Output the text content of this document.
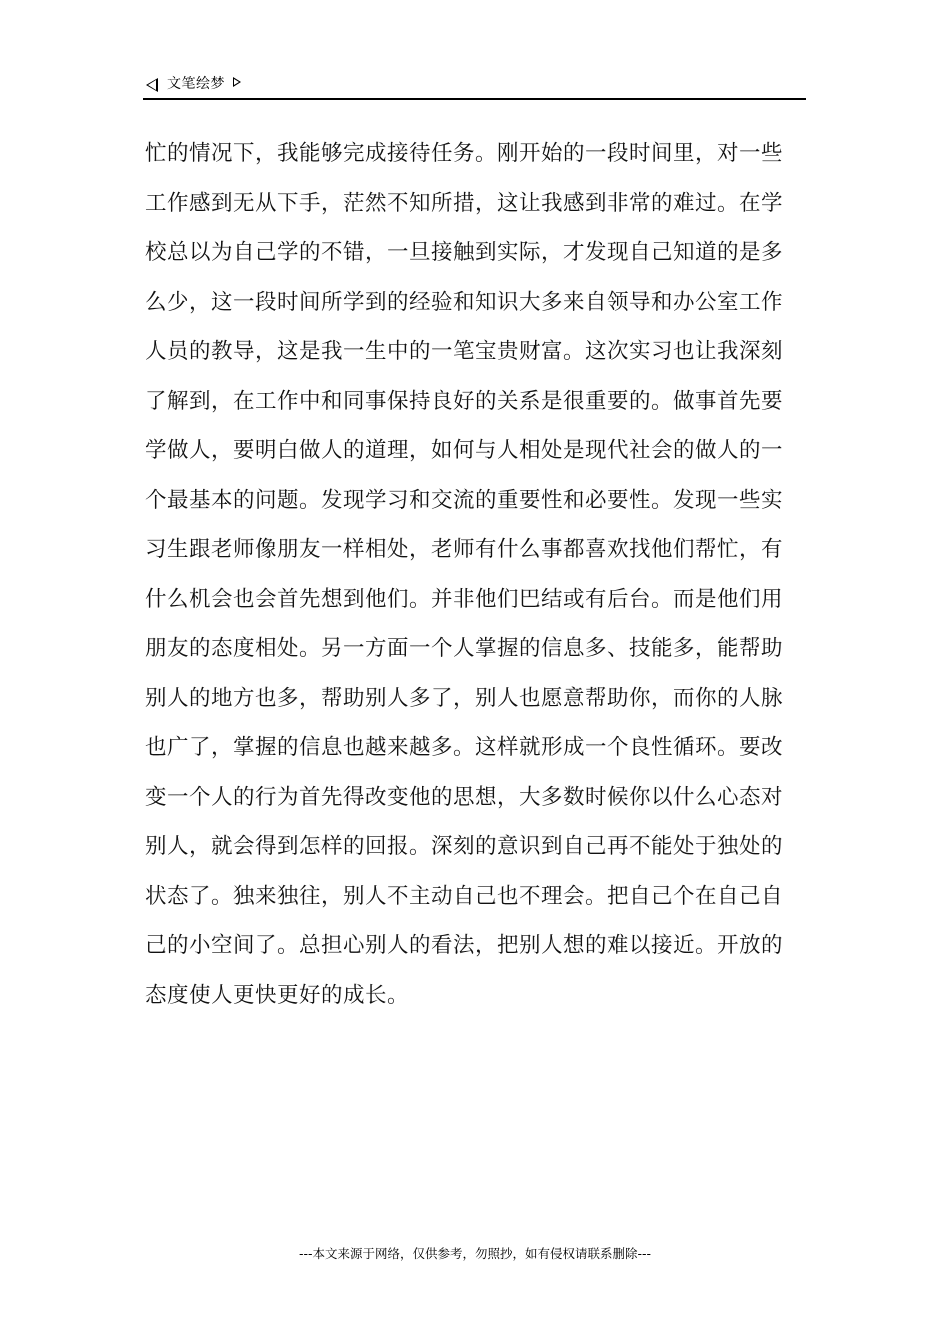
文笔绘梦
忙的情况下，我能够完成接待任务。刚开始的一段时间里，对一些
工作感到无从下手，茫然不知所措，这让我感到非常的难过。在学
校总以为自己学的不错，一旦接触到实际，才发现自己知道的是多
么少，这一段时间所学到的经验和知识大多来自领导和办公室工作
人员的教导，这是我一生中的一笔宝贵财富。这次实习也让我深刻
了解到，在工作中和同事保持良好的关系是很重要的。做事首先要
学做人，要明白做人的道理，如何与人相处是现代社会的做人的一
个最基本的问题。发现学习和交流的重要性和必要性。发现一些实
习生跟老师像朋友一样相处，老师有什么事都喜欢找他们帮忙，有
什么机会也会首先想到他们。并非他们巴结或有后台。而是他们用
朋友的态度相处。另一方面一个人掌握的信息多、技能多，能帮助
别人的地方也多，帮助别人多了，别人也愿意帮助你，而你的人脉
也广了，掌握的信息也越来越多。这样就形成一个良性循环。要改
变一个人的行为首先得改变他的思想，大多数时候你以什么心态对
别人，就会得到怎样的回报。深刻的意识到自己再不能处于独处的
状态了。独来独往，别人不主动自己也不理会。把自己个在自己自
己的小空间了。总担心别人的看法，把别人想的难以接近。开放的
态度使人更快更好的成长。
---本文来源于网络，仅供参考，勿照抄，如有侵权请联系删除---
